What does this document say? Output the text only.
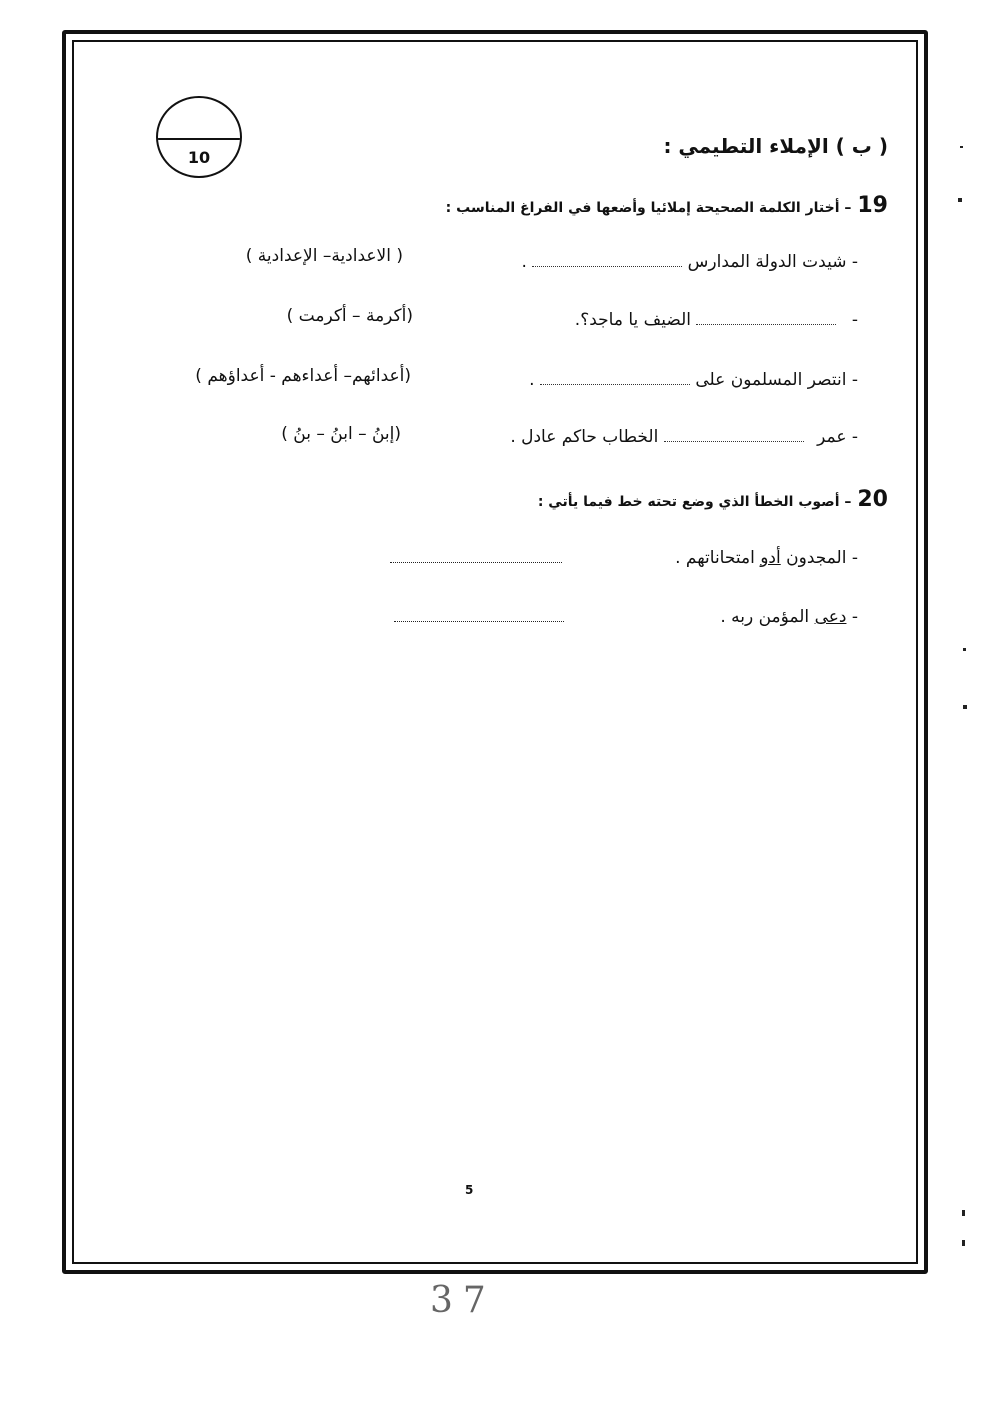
10	( ب ) الإملاء التطيمي :
19– أختار الكلمة الصحيحة إملائيا وأضعها في الفراغ المناسب :
- شيدت الدولة المدارس  .
( الاعدادية– الإعدادية )
-  الضيف يا ماجد؟.
(أكرمة – أكرمت )
- انتصر المسلمون على  .
(أعدائهم– أعداءهم - أعداؤهم )
- عمر  الخطاب حاكم عادل .
(إبنُ – ابنُ – بنُ )
20– أصوب الخطأ الذي وضع تحته خط فيما يأتي :
- المجدون أدو امتحاناتهم .
- دعى المؤمن ربه .
5
37
